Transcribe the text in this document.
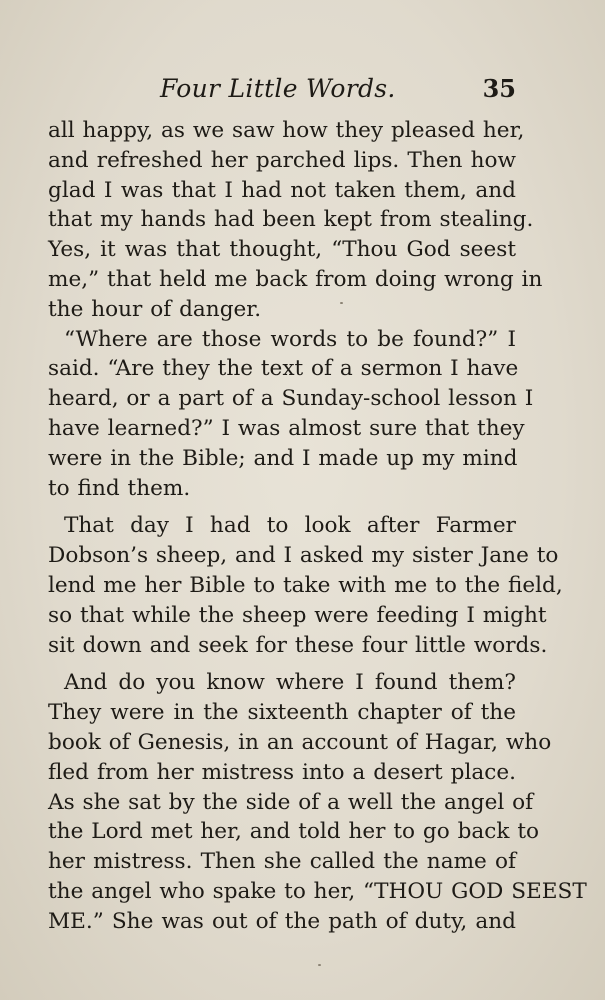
Four Little Words.	35
all happy, as we saw how they pleased her,
and refreshed her parched lips. Then how
glad I was that I had not taken them, and
that my hands had been kept from stealing.
Yes, it was that thought, “Thou God seest
me,” that held me back from doing wrong in
the hour of danger.
“Where are those words to be found?” I
said. “Are they the text of a sermon I have
heard, or a part of a Sunday-school lesson I
have learned?” I was almost sure that they
were in the Bible; and I made up my mind
to find them.
That day I had to look after Farmer
Dobson’s sheep, and I asked my sister Jane to
lend me her Bible to take with me to the field,
so that while the sheep were feeding I might
sit down and seek for these four little words.
And do you know where I found them?
They were in the sixteenth chapter of the
book of Genesis, in an account of Hagar, who
fled from her mistress into a desert place.
As she sat by the side of a well the angel of
the Lord met her, and told her to go back to
her mistress. Then she called the name of
the angel who spake to her, “THOU GOD SEEST
ME.” She was out of the path of duty, and
